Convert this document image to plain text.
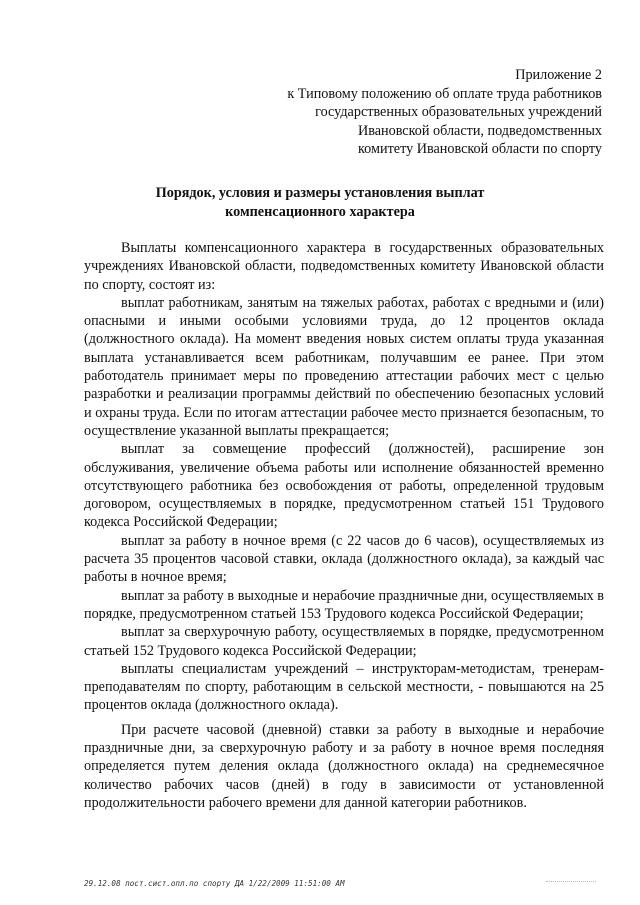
Приложение 2
к Типовому положению об оплате труда работников
государственных образовательных учреждений
Ивановской области, подведомственных
комитету Ивановской области по спорту
Порядок, условия и размеры установления выплат
компенсационного характера

Выплаты компенсационного характера в государственных образовательных учреждениях Ивановской области, подведомственных комитету Ивановской области по спорту, состоят из:

выплат работникам, занятым на тяжелых работах, работах с вредными и (или) опасными и иными особыми условиями труда, до 12 процентов оклада (должностного оклада). На момент введения новых систем оплаты труда указанная выплата устанавливается всем работникам, получавшим ее ранее. При этом работодатель принимает меры по проведению аттестации рабочих мест с целью разработки и реализации программы действий по обеспечению безопасных условий и охраны труда. Если по итогам аттестации рабочее место признается безопасным, то осуществление указанной выплаты прекращается;

выплат за совмещение профессий (должностей), расширение зон обслуживания, увеличение объема работы или исполнение обязанностей временно отсутствующего работника без освобождения от работы, определенной трудовым договором, осуществляемых в порядке, предусмотренном статьей 151 Трудового кодекса Российской Федерации;

выплат за работу в ночное время (с 22 часов до 6 часов), осуществляемых из расчета 35 процентов часовой ставки, оклада (должностного оклада), за каждый час работы в ночное время;

выплат за работу в выходные и нерабочие праздничные дни, осуществляемых в порядке, предусмотренном статьей 153 Трудового кодекса Российской Федерации;

выплат за сверхурочную работу, осуществляемых в порядке, предусмотренном статьей 152 Трудового кодекса Российской Федерации;

выплаты специалистам учреждений – инструкторам-методистам, тренерам-преподавателям по спорту, работающим в сельской местности, - повышаются на 25 процентов оклада (должностного оклада).

При расчете часовой (дневной) ставки за работу в выходные и нерабочие праздничные дни, за сверхурочную работу и за работу в ночное время последняя определяется путем деления оклада (должностного оклада) на среднемесячное количество рабочих часов (дней) в году в зависимости от установленной продолжительности рабочего времени для данной категории работников.

29.12.08 пост.сист.опл.по спорту ДА 1/22/2009 11:51:00 AM
